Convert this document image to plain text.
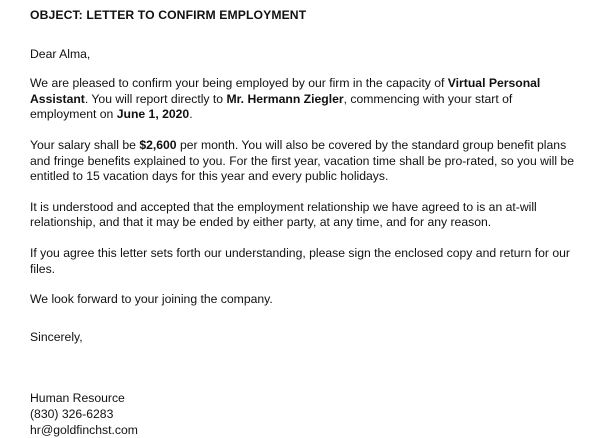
OBJECT: LETTER TO CONFIRM EMPLOYMENT

Dear Alma,

We are pleased to confirm your being employed by our firm in the capacity of Virtual Personal Assistant. You will report directly to Mr. Hermann Ziegler, commencing with your start of employment on June 1, 2020.

Your salary shall be $2,600 per month. You will also be covered by the standard group benefit plans and fringe benefits explained to you. For the first year, vacation time shall be pro-rated, so you will be entitled to 15 vacation days for this year and every public holidays.

It is understood and accepted that the employment relationship we have agreed to is an at-will relationship, and that it may be ended by either party, at any time, and for any reason.

If you agree this letter sets forth our understanding, please sign the enclosed copy and return for our files.

We look forward to your joining the company.

Sincerely,

Human Resource
(830) 326-6283
hr@goldfinchst.com
